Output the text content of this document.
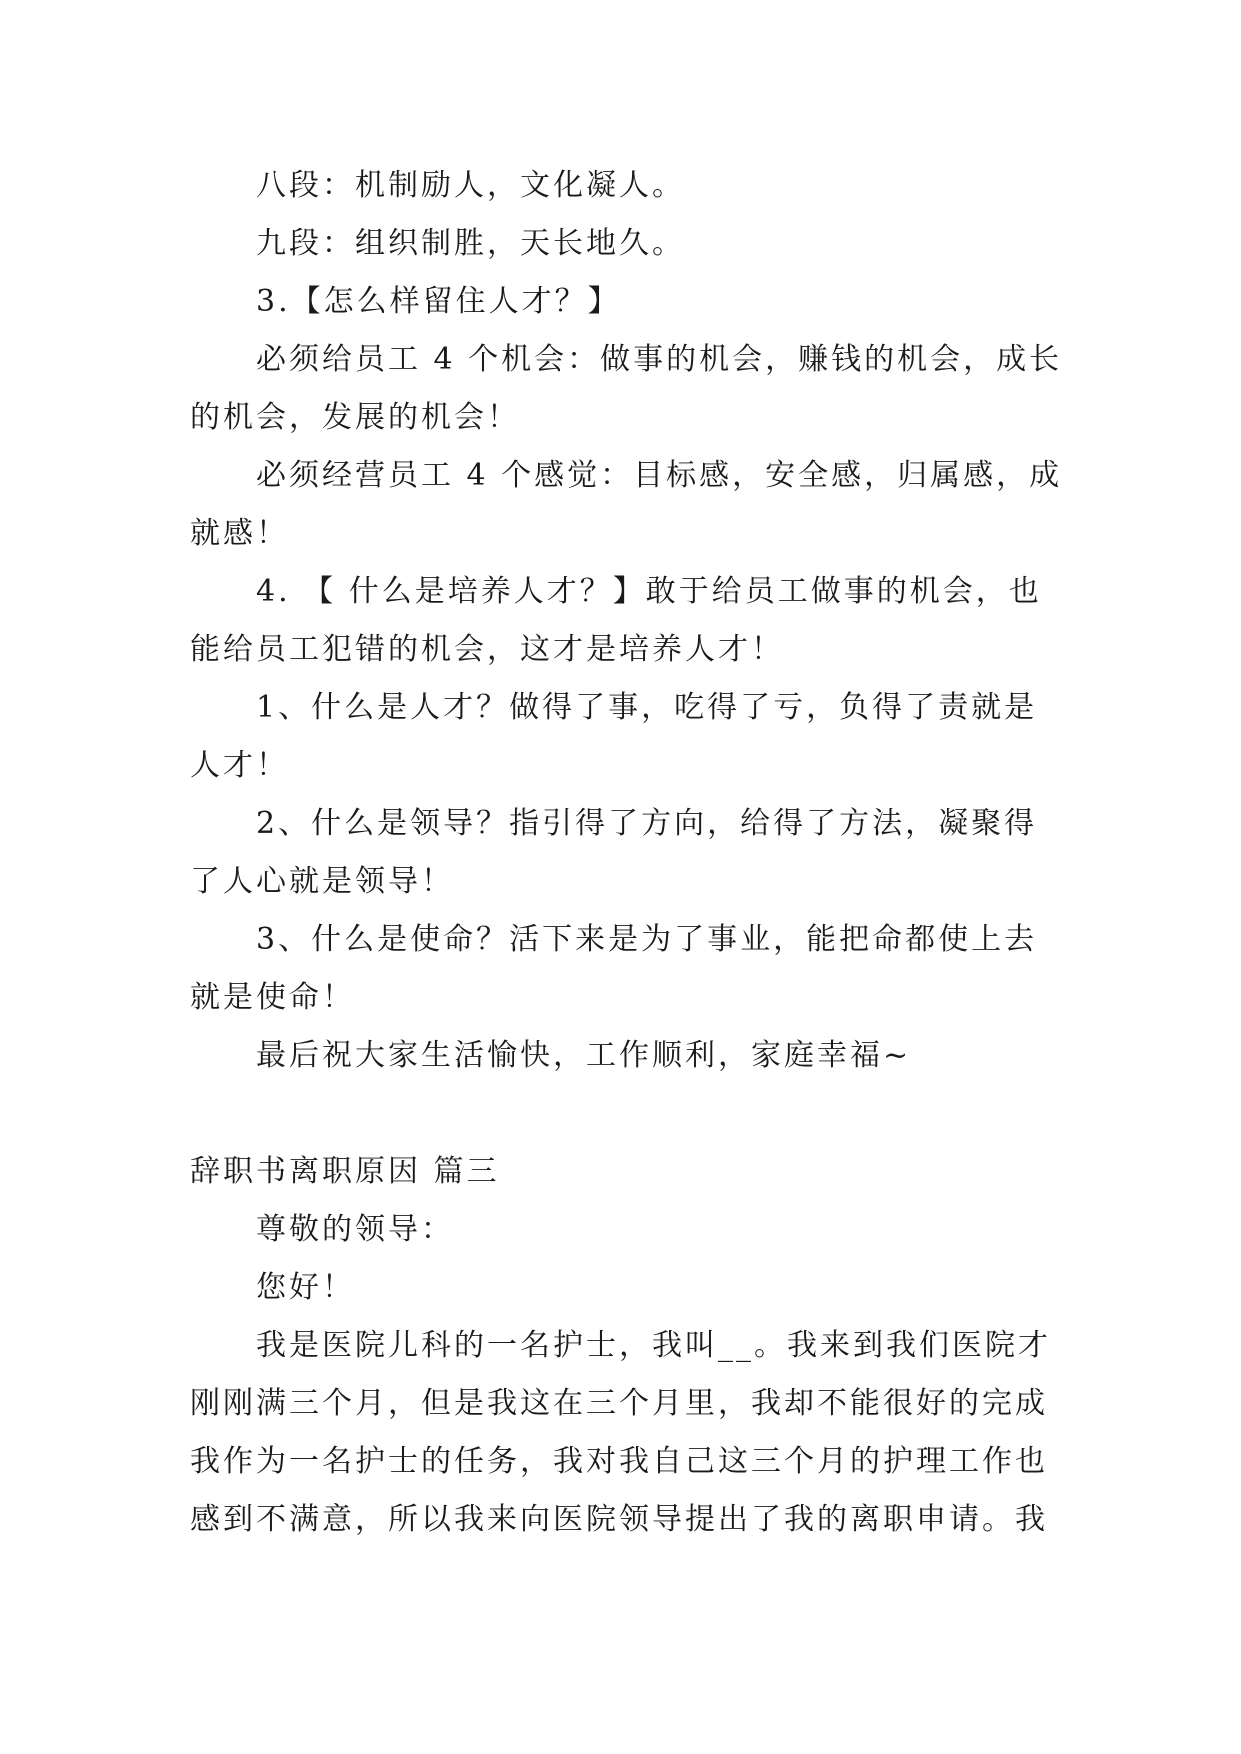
八段：机制励人，文化凝人。

九段：组织制胜，天长地久。

3.【怎么样留住人才？】

必须给员工 4 个机会：做事的机会，赚钱的机会，成长

的机会，发展的机会！

必须经营员工 4 个感觉：目标感，安全感，归属感，成

就感！

4. 【 什么是培养人才？】敢于给员工做事的机会，也

能给员工犯错的机会，这才是培养人才！

1、什么是人才？做得了事，吃得了亏，负得了责就是

人才！

2、什么是领导？指引得了方向，给得了方法，凝聚得

了人心就是领导！

3、什么是使命？活下来是为了事业，能把命都使上去

就是使命！

最后祝大家生活愉快，工作顺利，家庭幸福~

辞职书离职原因 篇三

尊敬的领导：

您好！

我是医院儿科的一名护士，我叫__。我来到我们医院才

刚刚满三个月，但是我这在三个月里，我却不能很好的完成

我作为一名护士的任务，我对我自己这三个月的护理工作也

感到不满意，所以我来向医院领导提出了我的离职申请。我
